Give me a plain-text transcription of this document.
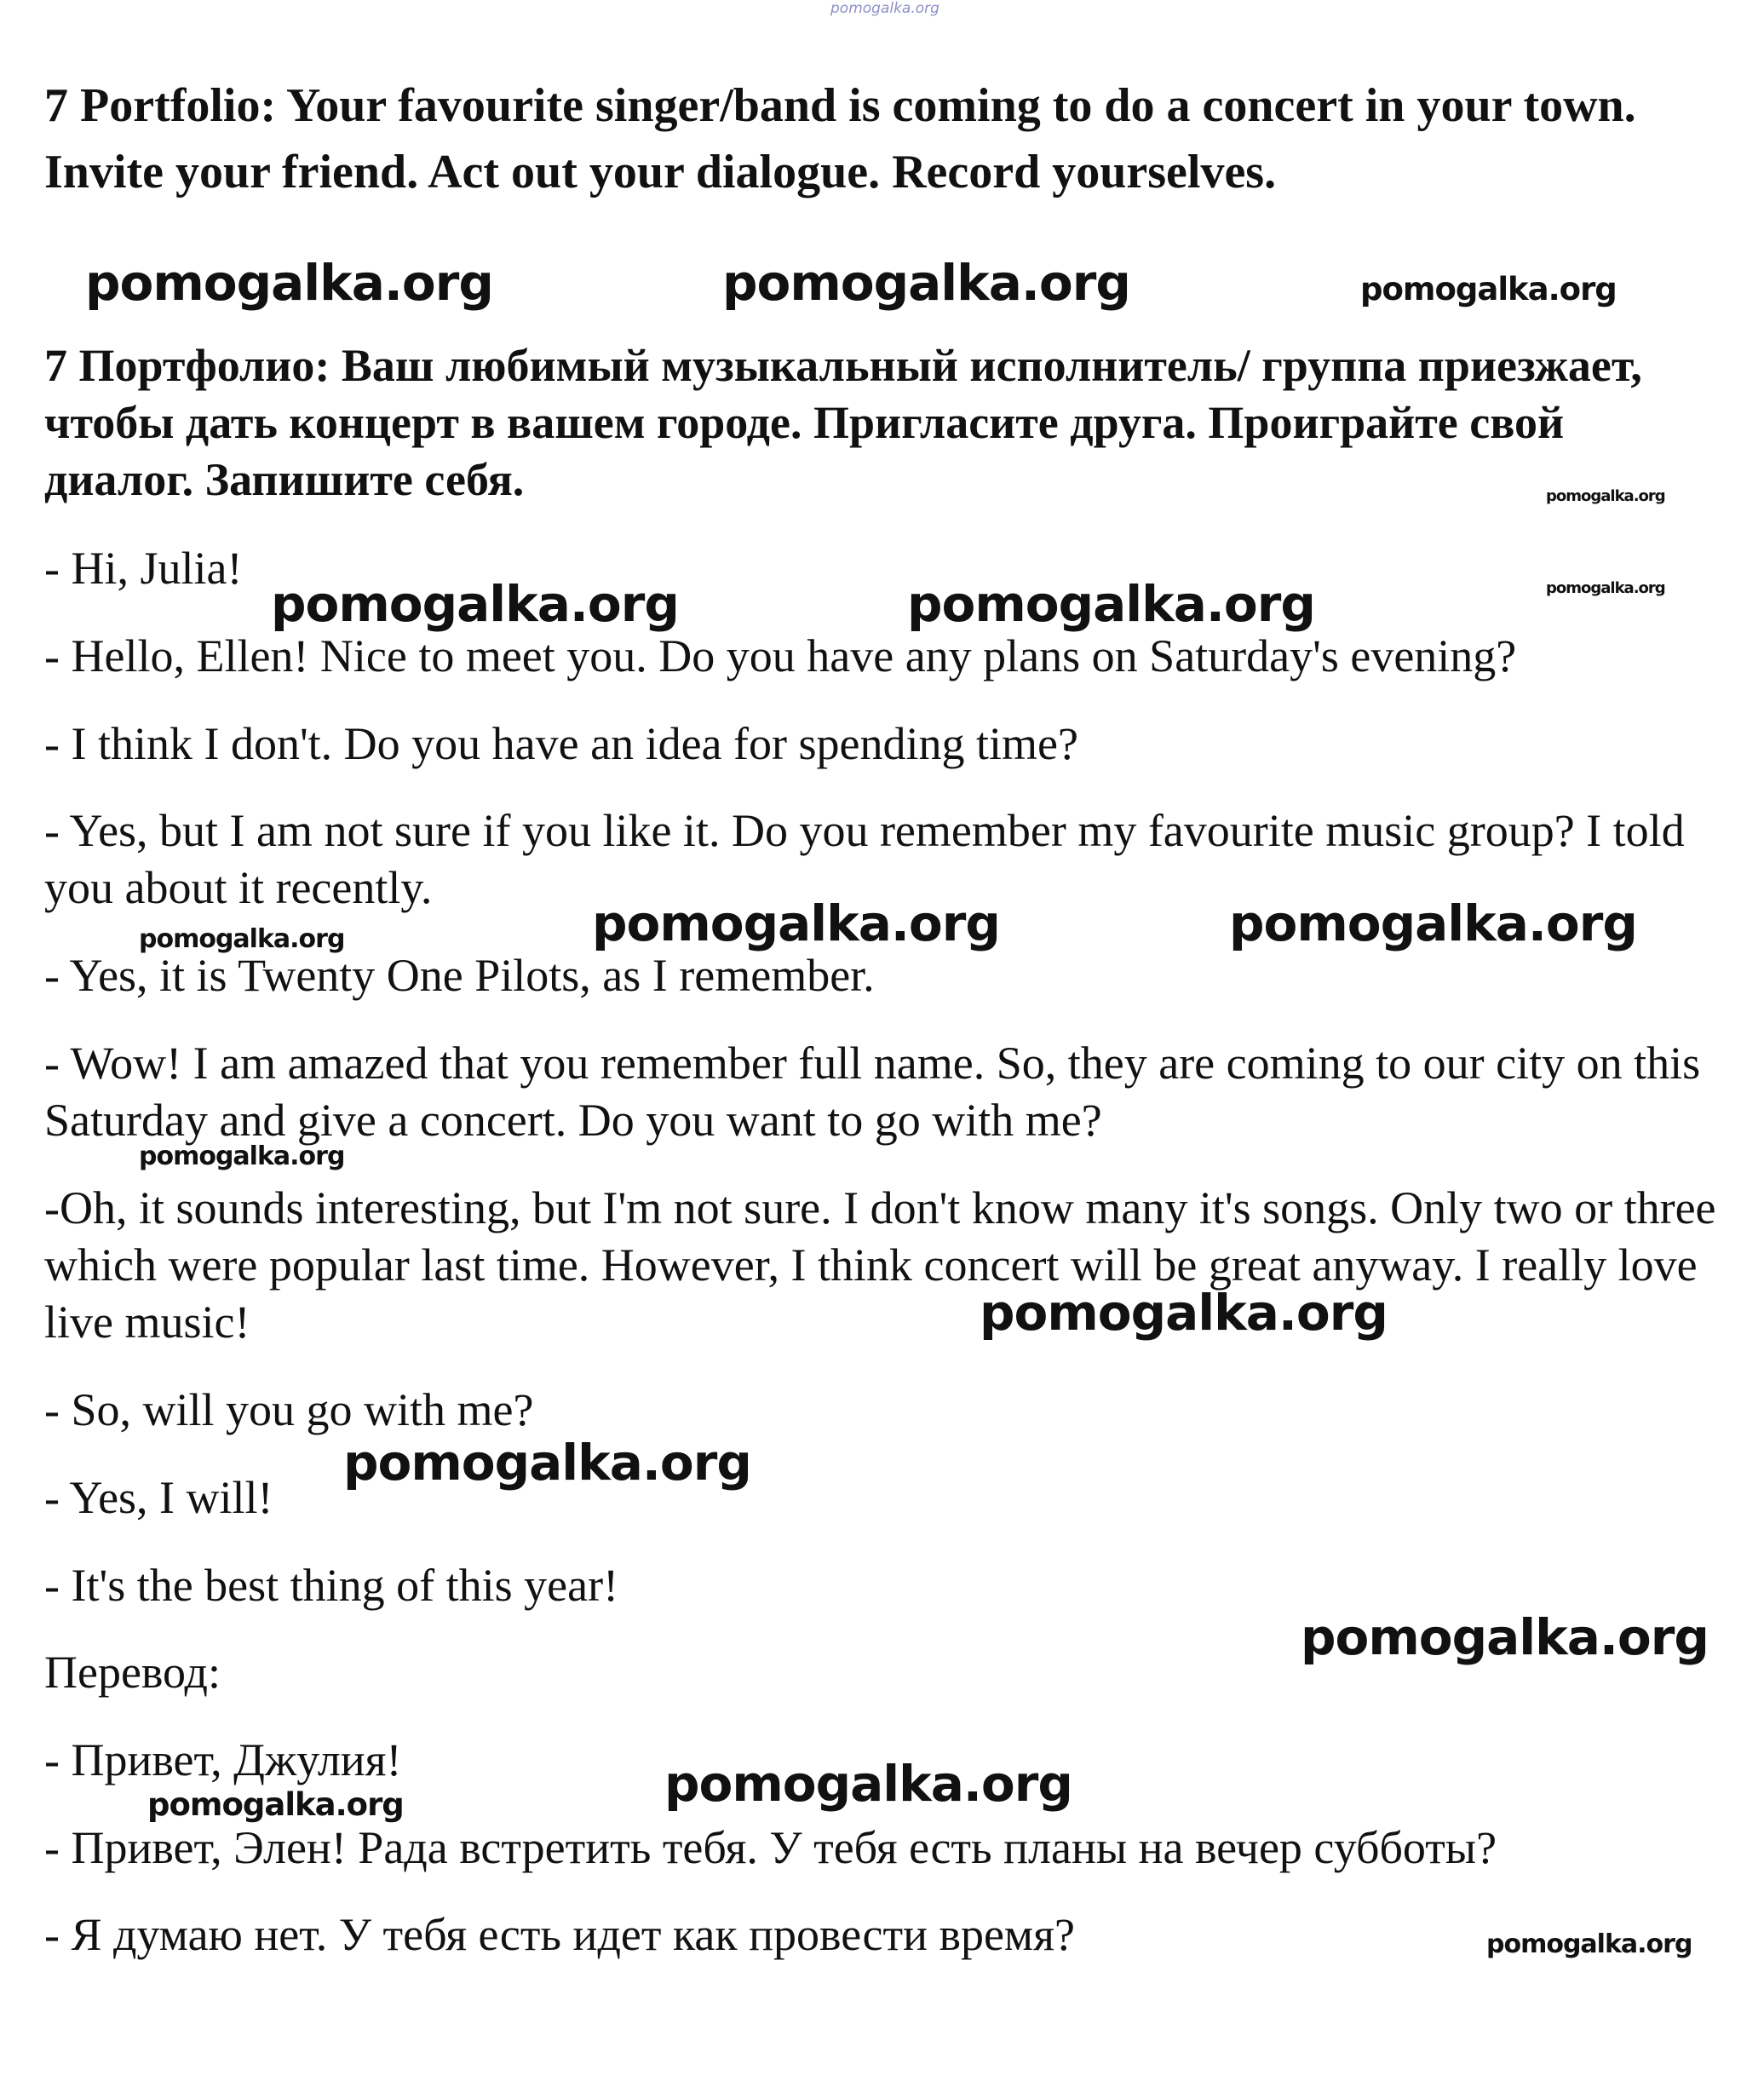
pomogalka.org

7 Portfolio: Your favourite singer/band is coming to do a concert in your town. Invite your friend. Act out your dialogue. Record yourselves.

pomogalka.org	pomogalka.org	pomogalka.org

7 Портфолио: Ваш любимый музыкальный исполнитель/ группа приезжает, чтобы дать концерт в вашем городе. Пригласите друга. Проиграйте свой диалог. Запишите себя.	pomogalka.org

- Hi, Julia!

pomogalka.org	pomogalka.org	pomogalka.org

- Hello, Ellen! Nice to meet you. Do you have any plans on Saturday's evening?

- I think I don't. Do you have an idea for spending time?

- Yes, but I am not sure if you like it. Do you remember my favourite music group? I told you about it recently.

pomogalka.org	pomogalka.org	pomogalka.org

- Yes, it is Twenty One Pilots, as I remember.

- Wow! I am amazed that you remember full name. So, they are coming to our city on this Saturday and give a concert. Do you want to go with me?

pomogalka.org

-Oh, it sounds interesting, but I'm not sure. I don't know many it's songs. Only two or three which were popular last time. However, I think concert will be great anyway. I really love live music!	pomogalka.org

- So, will you go with me?

pomogalka.org

- Yes, I will!

- It's the best thing of this year!

pomogalka.org

Перевод:

- Привет, Джулия!	pomogalka.org
pomogalka.org

- Привет, Элен! Рада встретить тебя. У тебя есть планы на вечер субботы?

- Я думаю нет. У тебя есть идет как провести время?	pomogalka.org
